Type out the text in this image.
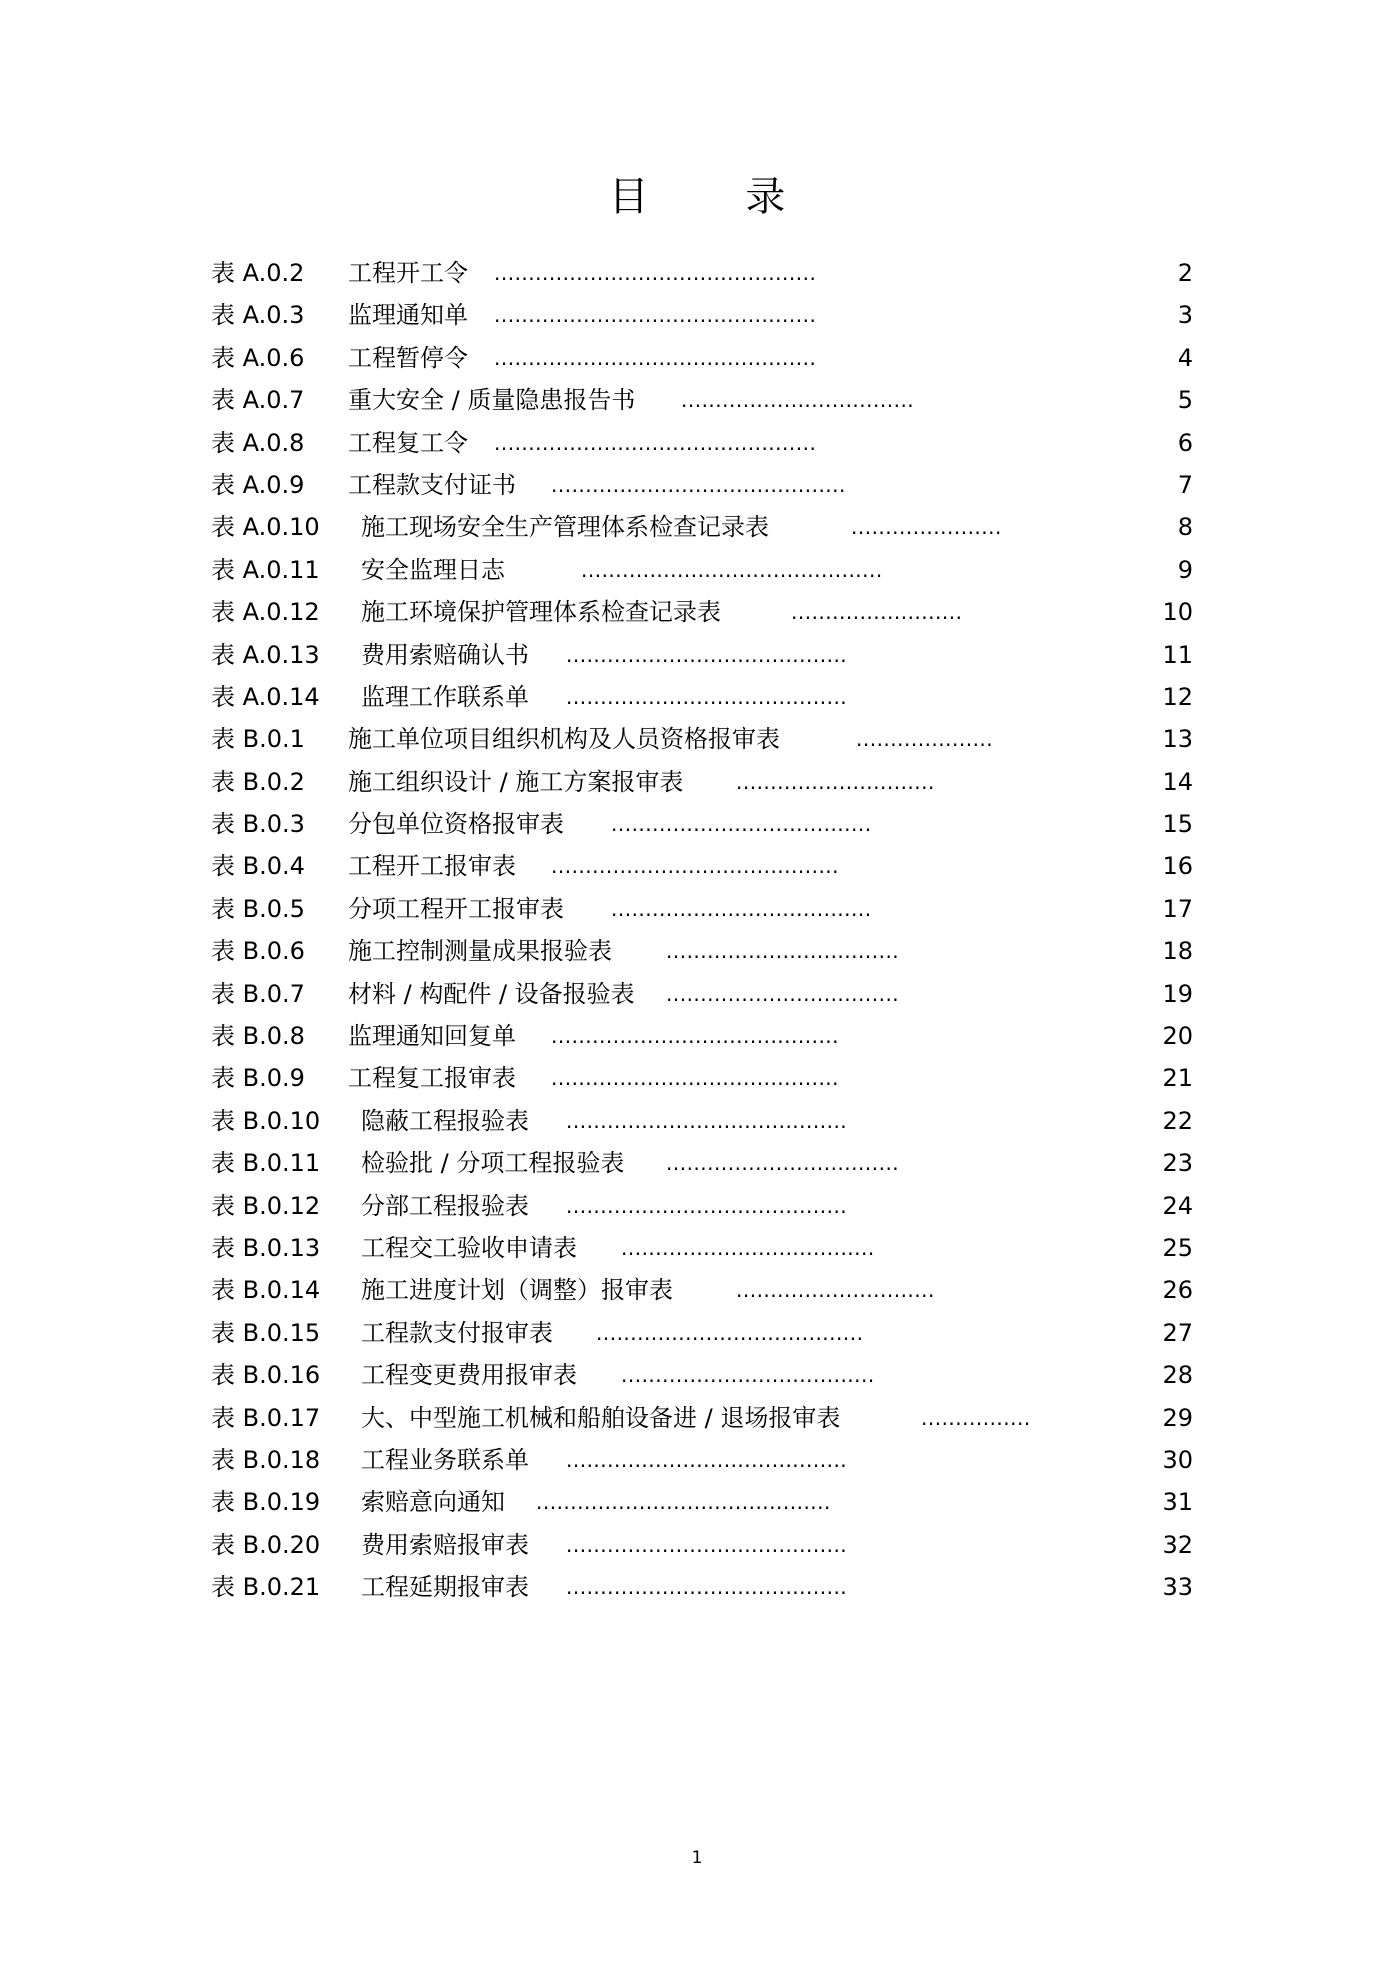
目 录
表 A.0.2 工程开工令 ...............................................	2
表 A.0.3 监理通知单 ...............................................	3
表 A.0.6 工程暂停令 ...............................................	4
表 A.0.7 重大安全 / 质量隐患报告书 ..................................	5
表 A.0.8 工程复工令 ...............................................	6
表 A.0.9 工程款支付证书 ...........................................	7
表 A.0.10 施工现场安全生产管理体系检查记录表	......................	8
表 A.0.11 安全监理日志	............................................	9
表 A.0.12 施工环境保护管理体系检查记录表	.........................	10
表 A.0.13 费用索赔确认书 .........................................	11
表 A.0.14 监理工作联系单 .........................................	12
表 B.0.1 施工单位项目组织机构及人员资格报审表	....................	13
表 B.0.2 施工组织设计 / 施工方案报审表	.............................	14
表 B.0.3 分包单位资格报审表 ......................................	15
表 B.0.4 工程开工报审表 ..........................................	16
表 B.0.5 分项工程开工报审表 ......................................	17
表 B.0.6 施工控制测量成果报验表	..................................	18
表 B.0.7 材料 / 构配件 / 设备报验表 ..................................	19
表 B.0.8 监理通知回复单 ..........................................	20
表 B.0.9 工程复工报审表 ..........................................	21
表 B.0.10 隐蔽工程报验表 .........................................	22
表 B.0.11 检验批 / 分项工程报验表 ..................................	23
表 B.0.12 分部工程报验表 .........................................	24
表 B.0.13 工程交工验收申请表 .....................................	25
表 B.0.14 施工进度计划（调整）报审表	.............................	26
表 B.0.15 工程款支付报审表 .......................................	27
表 B.0.16 工程变更费用报审表 .....................................	28
表 B.0.17 大、中型施工机械和船舶设备进 / 退场报审表	................	29
表 B.0.18 工程业务联系单 .........................................	30
表 B.0.19 索赔意向通知 ...........................................	31
表 B.0.20 费用索赔报审表 .........................................	32
表 B.0.21 工程延期报审表 .........................................	33
1
